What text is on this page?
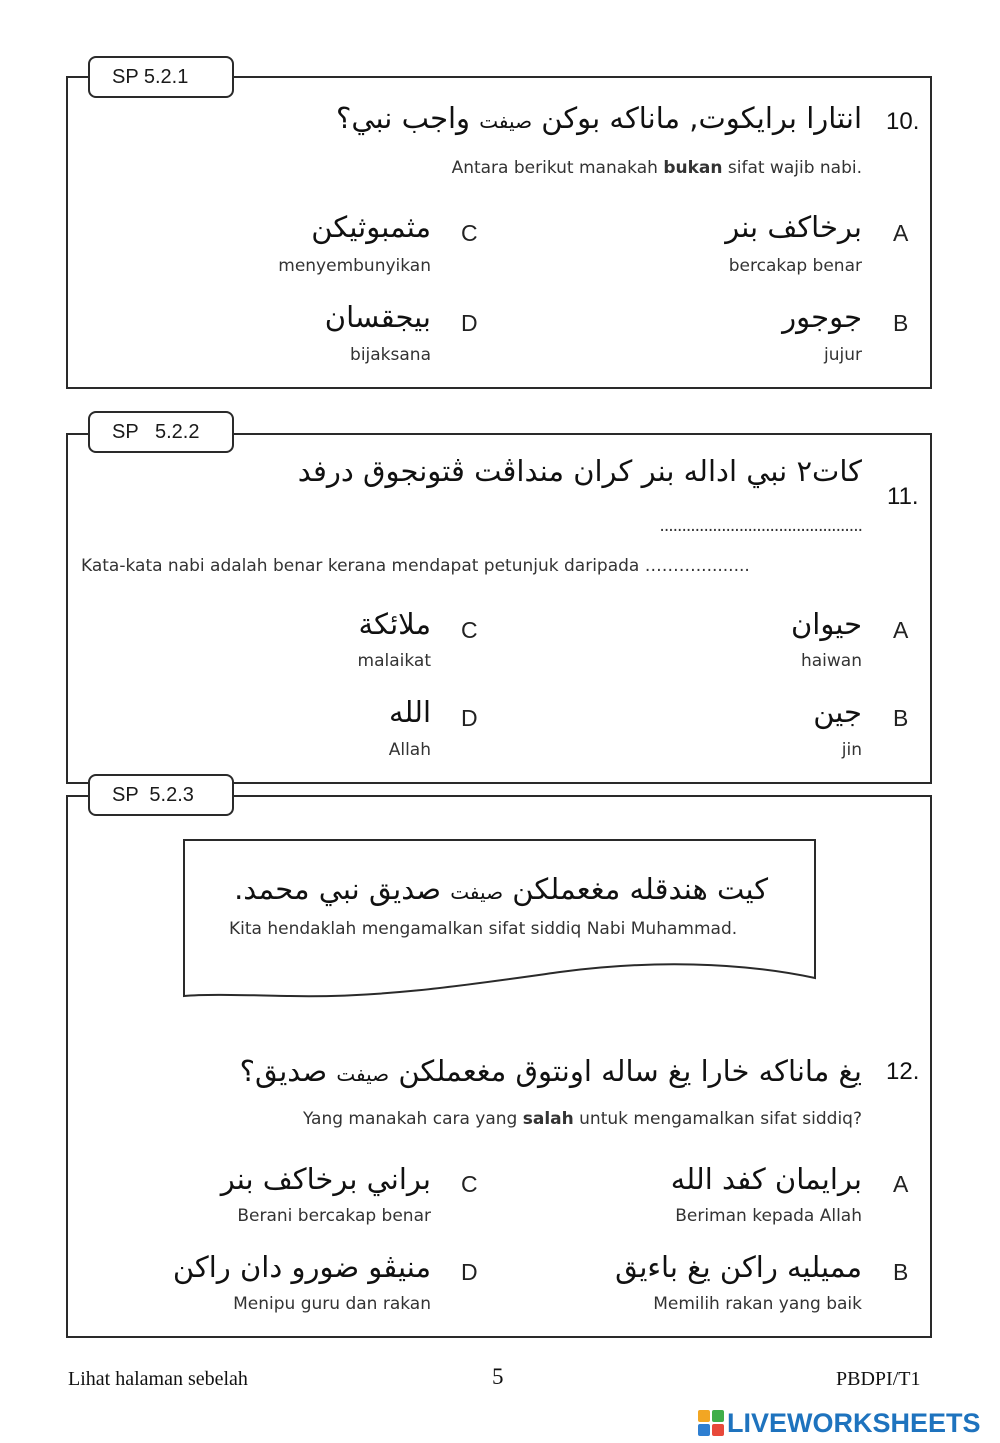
SP 5.2.1
انتارا برايكوت, ماناكه بوكن صيفت واجب نبي؟	10.
Antara berikut manakah bukan sifat wajib nabi.
A
برخاكف بنر
bercakap benar
B
جوجور
jujur
C
مثمبوثيكن
menyembunyikan
D
بيجقسان
bijaksana
SP   5.2.2
كات٢ نبي اداله بنر كران منداڤت ڤتونجوق درفد
11.
..............................................
Kata-kata nabi adalah benar kerana mendapat petunjuk daripada ………..........
A
حيوان
haiwan
B
جين
jin
C
ملائكة
malaikat
D
الله
Allah
SP  5.2.3
كيت هندقله مغعملكن صيفت صديق نبي محمد.
Kita hendaklah mengamalkan sifat siddiq Nabi Muhammad.
يغ ماناكه خارا يغ ساله اونتوق مغعملكن صيفت صديق؟	12.
Yang manakah cara yang salah untuk mengamalkan sifat siddiq?
A
برايمان كفد الله
Beriman kepada Allah
B
مميليه راكن يغ باءيق
Memilih rakan yang baik
C
براني برخاكف بنر
Berani bercakap benar
D
منيڤو ضورو دان راكن
Menipu guru dan rakan
Lihat halaman sebelah	5	PBDPI/T1
LIVEWORKSHEETS
